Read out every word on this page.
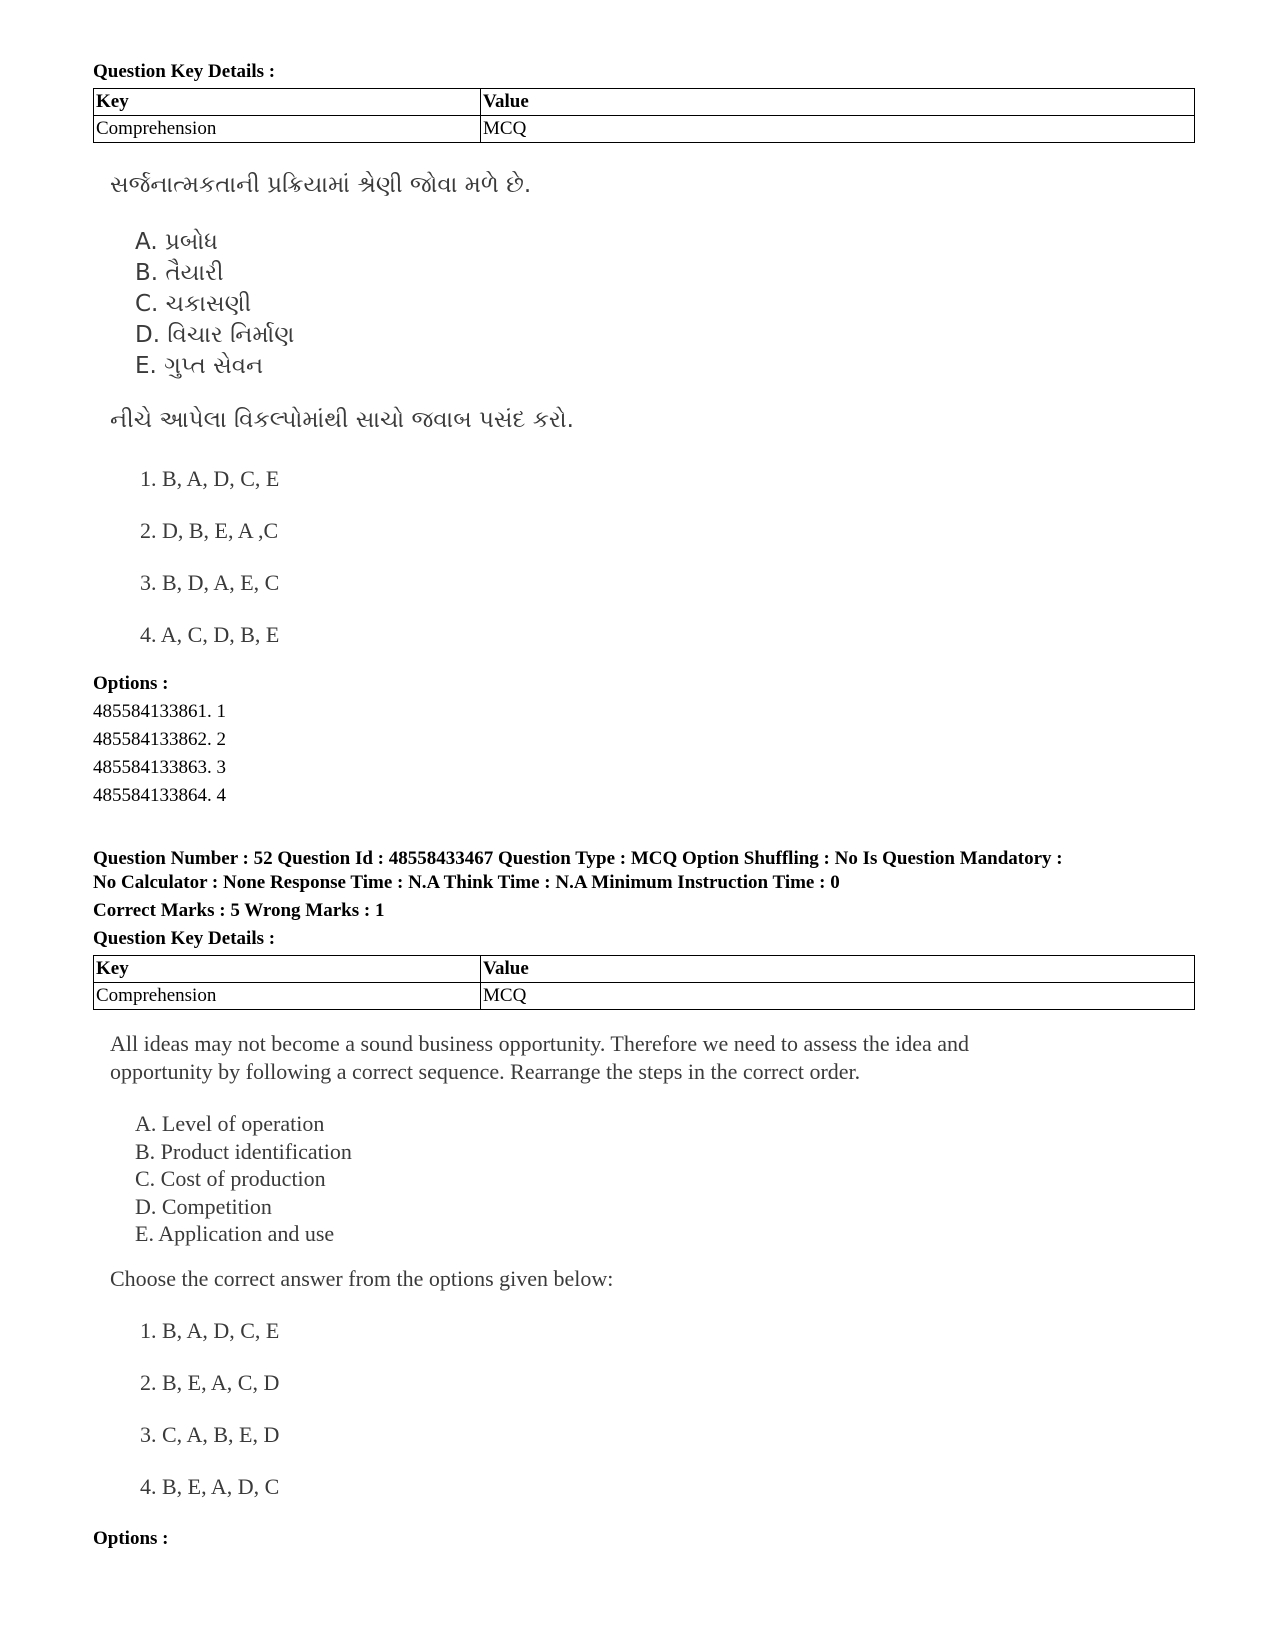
Question Key Details :
Key	Value
Comprehension	MCQ
સર્જનાત્મકતાની પ્રક્રિયામાં શ્રેણી જોવા મળે છે.
A. પ્રબોધ
B. તૈયારી
C. ચકાસણી
D. વિચાર નિર્માણ
E. ગુપ્ત સેવન
નીચે આપેલા વિકલ્પોમાંથી સાચો જવાબ પસંદ કરો.
1. B, A, D, C, E
2. D, B, E, A ,C
3. B, D, A, E, C
4. A, C, D, B, E
Options :
485584133861. 1
485584133862. 2
485584133863. 3
485584133864. 4
Question Number : 52 Question Id : 48558433467 Question Type : MCQ Option Shuffling : No Is Question Mandatory :
No Calculator : None Response Time : N.A Think Time : N.A Minimum Instruction Time : 0
Correct Marks : 5 Wrong Marks : 1
Question Key Details :
Key	Value
Comprehension	MCQ
All ideas may not become a sound business opportunity. Therefore we need to assess the idea and
opportunity by following a correct sequence. Rearrange the steps in the correct order.
A. Level of operation
B. Product identification
C. Cost of production
D. Competition
E. Application and use
Choose the correct answer from the options given below:
1. B, A, D, C, E
2. B, E, A, C, D
3. C, A, B, E, D
4. B, E, A, D, C
Options :
